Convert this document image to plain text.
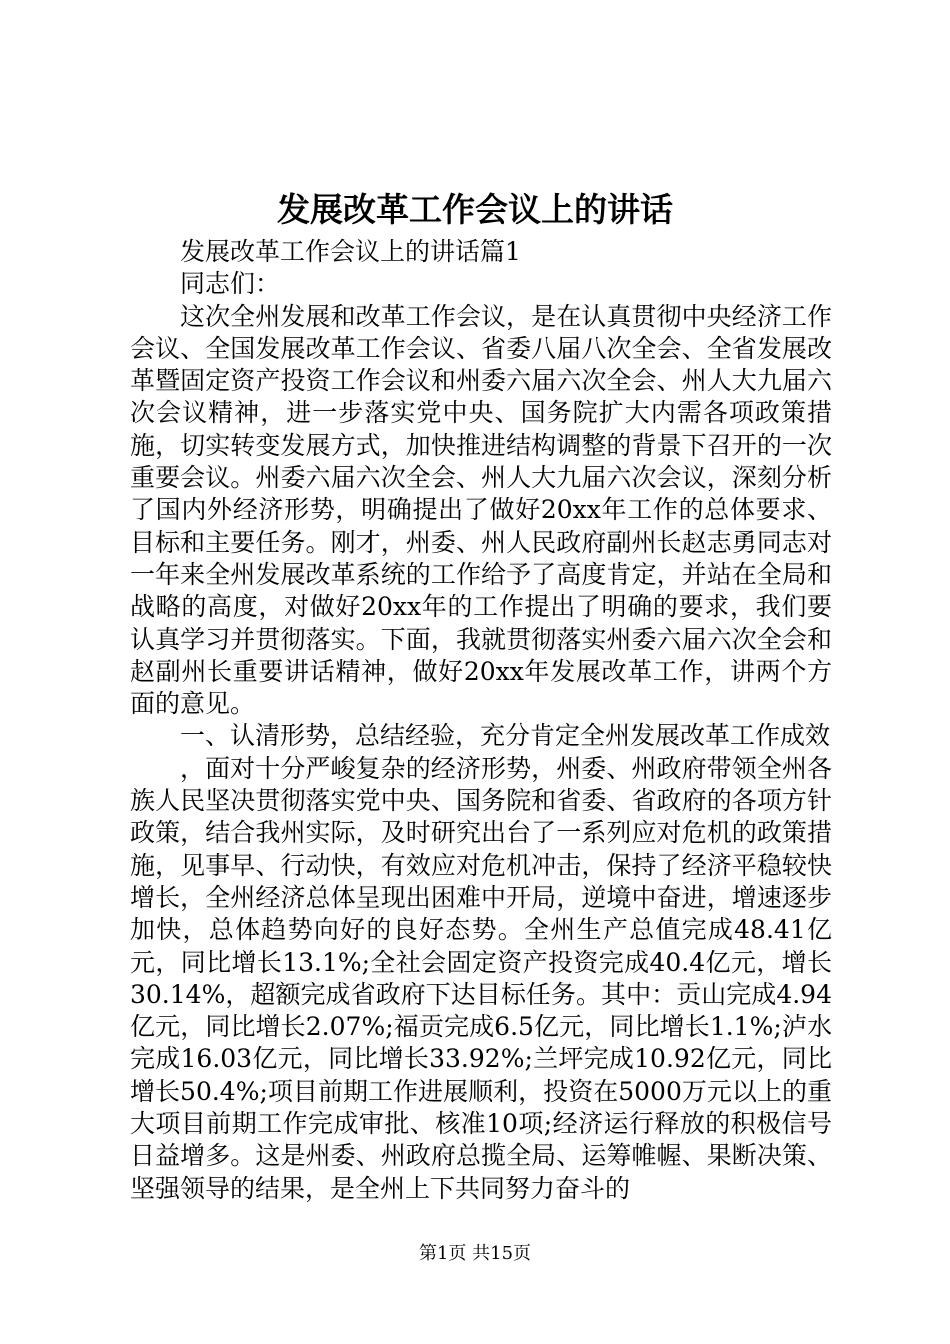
发展改革工作会议上的讲话

发展改革工作会议上的讲话篇1

同志们：

这次全州发展和改革工作会议，是在认真贯彻中央经济工作会议、全国发展改革工作会议、省委八届八次全会、全省发展改革暨固定资产投资工作会议和州委六届六次全会、州人大九届六次会议精神，进一步落实党中央、国务院扩大内需各项政策措施，切实转变发展方式，加快推进结构调整的背景下召开的一次重要会议。州委六届六次全会、州人大九届六次会议，深刻分析了国内外经济形势，明确提出了做好20xx年工作的总体要求、目标和主要任务。刚才，州委、州人民政府副州长赵志勇同志对一年来全州发展改革系统的工作给予了高度肯定，并站在全局和战略的高度，对做好20xx年的工作提出了明确的要求，我们要认真学习并贯彻落实。下面，我就贯彻落实州委六届六次全会和赵副州长重要讲话精神，做好20xx年发展改革工作，讲两个方面的意见。

一、认清形势，总结经验，充分肯定全州发展改革工作成效

，面对十分严峻复杂的经济形势，州委、州政府带领全州各族人民坚决贯彻落实党中央、国务院和省委、省政府的各项方针政策，结合我州实际，及时研究出台了一系列应对危机的政策措施，见事早、行动快，有效应对危机冲击，保持了经济平稳较快增长，全州经济总体呈现出困难中开局，逆境中奋进，增速逐步加快，总体趋势向好的良好态势。全州生产总值完成48.41亿元，同比增长13.1%;全社会固定资产投资完成40.4亿元，增长30.14%，超额完成省政府下达目标任务。其中：贡山完成4.94亿元，同比增长2.07%;福贡完成6.5亿元，同比增长1.1%;泸水完成16.03亿元，同比增长33.92%;兰坪完成10.92亿元，同比增长50.4%;项目前期工作进展顺利，投资在5000万元以上的重大项目前期工作完成审批、核准10项;经济运行释放的积极信号日益增多。这是州委、州政府总揽全局、运筹帷幄、果断决策、坚强领导的结果，是全州上下共同努力奋斗的

第1页 共15页
